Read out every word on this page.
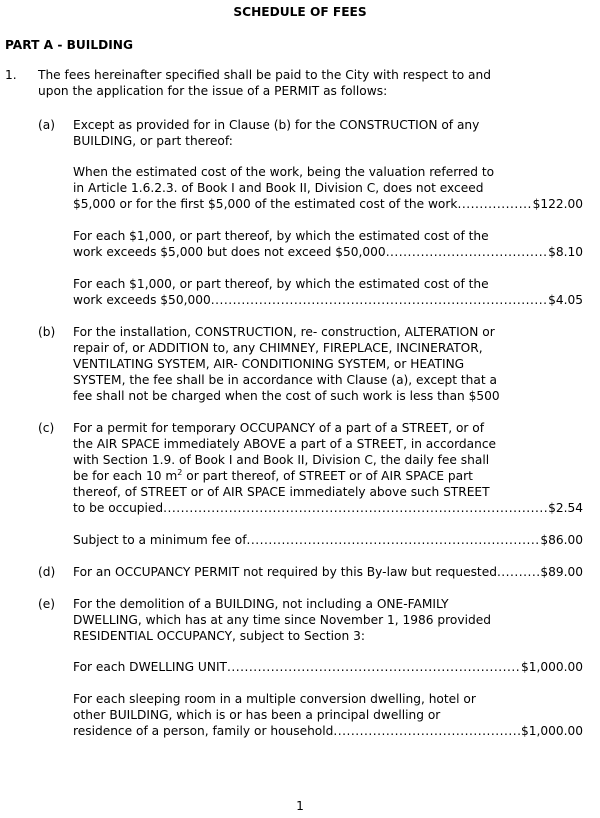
SCHEDULE OF FEES
PART A - BUILDING
1. The fees hereinafter specified shall be paid to the City with respect to and
upon the application for the issue of a PERMIT as follows:
(a) Except as provided for in Clause (b) for the CONSTRUCTION of any
BUILDING, or part thereof:
When the estimated cost of the work, being the valuation referred to
in Article 1.6.2.3. of Book I and Book II, Division C, does not exceed
$5,000 or for the first $5,000 of the estimated cost of the work .....	$122.00
For each $1,000, or part thereof, by which the estimated cost of the
work exceeds $5,000 but does not exceed $50,000 .....	$8.10
For each $1,000, or part thereof, by which the estimated cost of the
work exceeds $50,000 .....	$4.05
(b) For the installation, CONSTRUCTION, re- construction, ALTERATION or
repair of, or ADDITION to, any CHIMNEY, FIREPLACE, INCINERATOR,
VENTILATING SYSTEM, AIR- CONDITIONING SYSTEM, or HEATING
SYSTEM, the fee shall be in accordance with Clause (a), except that a
fee shall not be charged when the cost of such work is less than $500
(c) For a permit for temporary OCCUPANCY of a part of a STREET, or of
the AIR SPACE immediately ABOVE a part of a STREET, in accordance
with Section 1.9. of Book I and Book II, Division C, the daily fee shall
be for each 10 $m^2$ or part thereof, of STREET or of AIR SPACE part
thereof, of STREET or of AIR SPACE immediately above such STREET
to be occupied .....	$2.54
Subject to a minimum fee of .....	$86.00
(d) For an OCCUPANCY PERMIT not required by this By-law but requested .....	$89.00
(e) For the demolition of a BUILDING, not including a ONE-FAMILY
DWELLING, which has at any time since November 1, 1986 provided
RESIDENTIAL OCCUPANCY, subject to Section 3:
For each DWELLING UNIT .....	$1,000.00
For each sleeping room in a multiple conversion dwelling, hotel or
other BUILDING, which is or has been a principal dwelling or
residence of a person, family or household .....	$1,000.00
1
